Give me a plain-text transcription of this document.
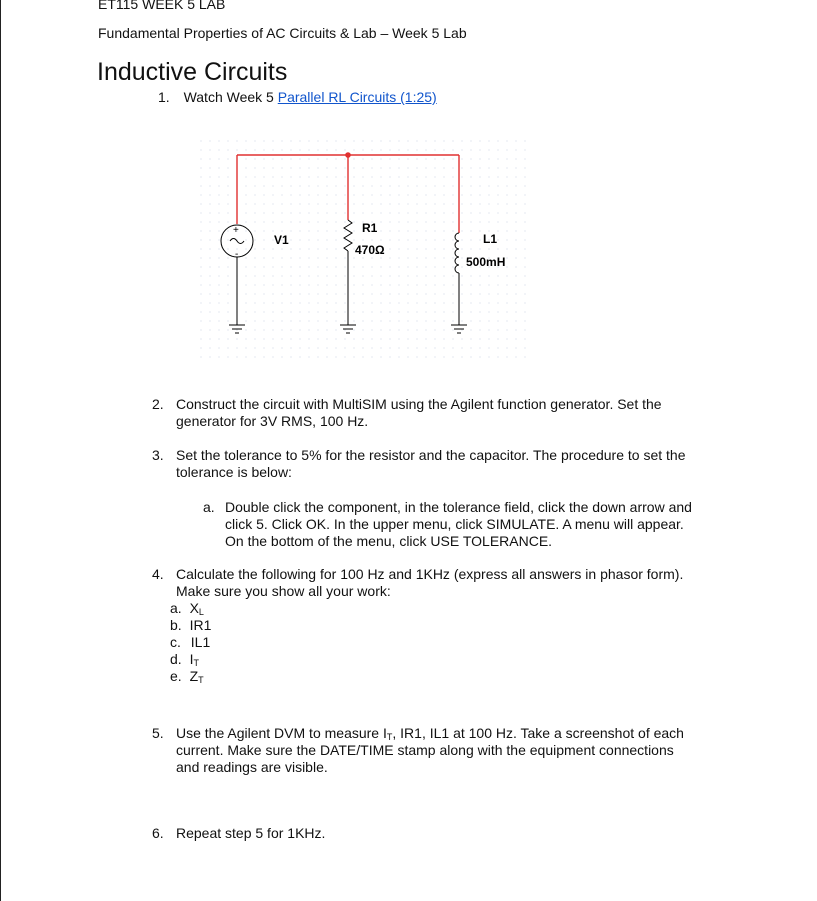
ET115 WEEK 5 LAB
Fundamental Properties of AC Circuits & Lab – Week 5 Lab
Inductive Circuits
1. Watch Week 5 Parallel RL Circuits (1:25)
+
-
V1
R1
470Ω
L1
500mH
2. Construct the circuit with MultiSIM using the Agilent function generator. Set the
generator for 3V RMS, 100 Hz.
3. Set the tolerance to 5% for the resistor and the capacitor. The procedure to set the
tolerance is below:
a. Double click the component, in the tolerance field, click the down arrow and
click 5. Click OK. In the upper menu, click SIMULATE. A menu will appear.
On the bottom of the menu, click USE TOLERANCE.
4. Calculate the following for 100 Hz and 1KHz (express all answers in phasor form).
Make sure you show all your work:
a. $X_L$
b. IR1
c. IL1
d. $I_T$
e. $Z_T$
5. Use the Agilent DVM to measure $I_T$, IR1, IL1 at 100 Hz. Take a screenshot of each
current. Make sure the DATE/TIME stamp along with the equipment connections
and readings are visible.
6. Repeat step 5 for 1KHz.
